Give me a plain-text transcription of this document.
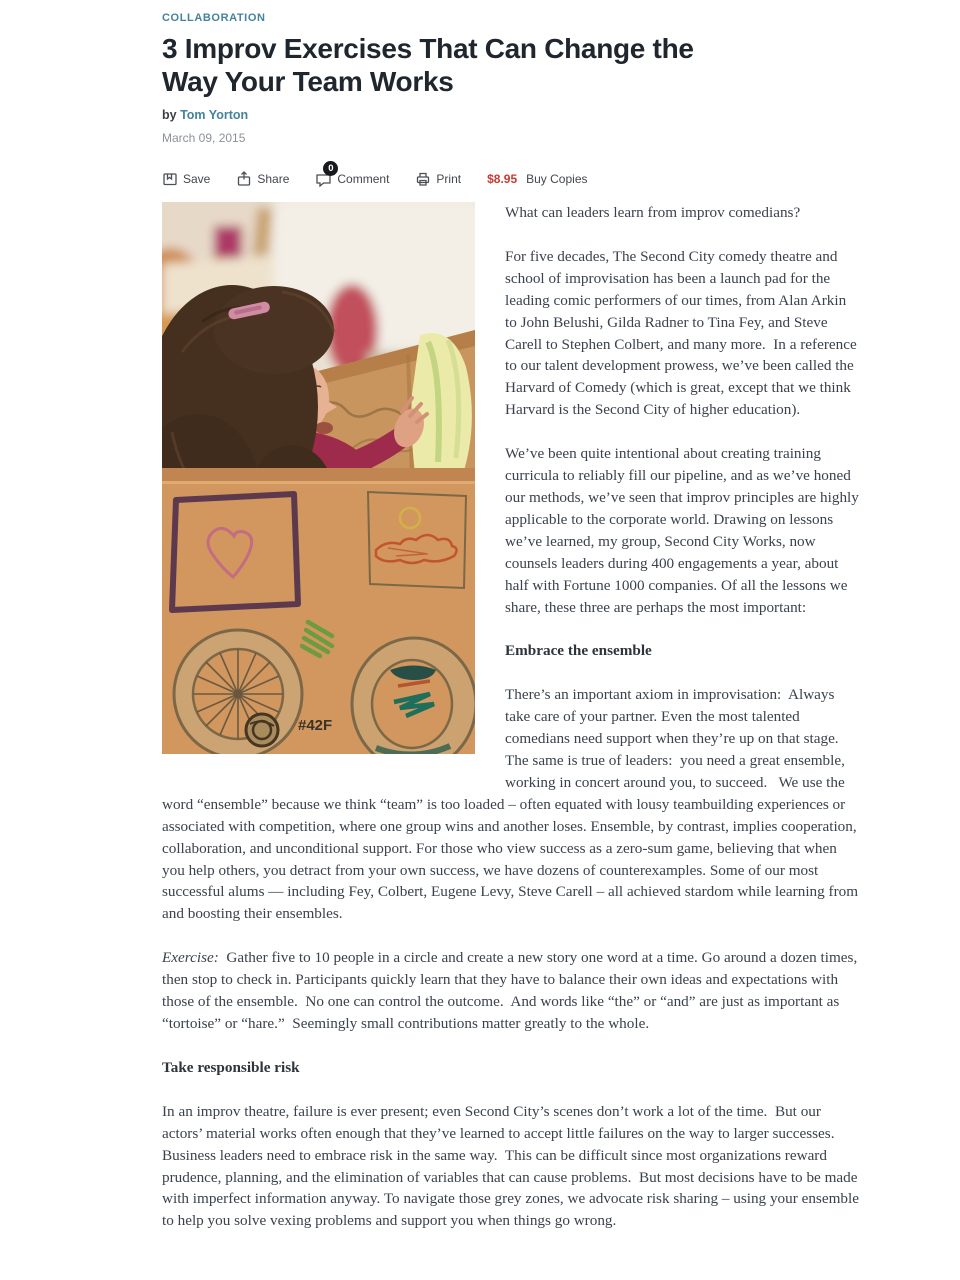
COLLABORATION
3 Improv Exercises That Can Change the
Way Your Team Works
by Tom Yorton
March 09, 2015
Save	Share
0
Comment	Print $8.95 Buy Copies
#42F

What can leaders learn from improv comedians?

For five decades, The Second City comedy theatre and school of improvisation has been a launch pad for the leading comic performers of our times, from Alan Arkin to John Belushi, Gilda Radner to Tina Fey, and Steve Carell to Stephen Colbert, and many more.  In a reference to our talent development prowess, we’ve been called the Harvard of Comedy (which is great, except that we think Harvard is the Second City of higher education).

We’ve been quite intentional about creating training curricula to reliably fill our pipeline, and as we’ve honed our methods, we’ve seen that improv principles are highly applicable to the corporate world. Drawing on lessons we’ve learned, my group, Second City Works, now counsels leaders during 400 engagements a year, about half with Fortune 1000 companies. Of all the lessons we share, these three are perhaps the most important:

Embrace the ensemble

There’s an important axiom in improvisation:  Always take care of your partner. Even the most talented comedians need support when they’re up on that stage. The same is true of leaders:  you need a great ensemble, working in concert around you, to succeed.   We use the word “ensemble” because we think “team” is too loaded – often equated with lousy teambuilding experiences or associated with competition, where one group wins and another loses. Ensemble, by contrast, implies cooperation, collaboration, and unconditional support. For those who view success as a zero-sum game, believing that when you help others, you detract from your own success, we have dozens of counterexamples. Some of our most successful alums — including Fey, Colbert, Eugene Levy, Steve Carell – all achieved stardom while learning from and boosting their ensembles.

Exercise:  Gather five to 10 people in a circle and create a new story one word at a time. Go around a dozen times, then stop to check in. Participants quickly learn that they have to balance their own ideas and expectations with those of the ensemble.  No one can control the outcome.  And words like “the” or “and” are just as important as “tortoise” or “hare.”  Seemingly small contributions matter greatly to the whole.

Take responsible risk

In an improv theatre, failure is ever present; even Second City’s scenes don’t work a lot of the time.  But our actors’ material works often enough that they’ve learned to accept little failures on the way to larger successes. Business leaders need to embrace risk in the same way.  This can be difficult since most organizations reward prudence, planning, and the elimination of variables that can cause problems.  But most decisions have to be made with imperfect information anyway. To navigate those grey zones, we advocate risk sharing – using your ensemble to help you solve vexing problems and support you when things go wrong.
